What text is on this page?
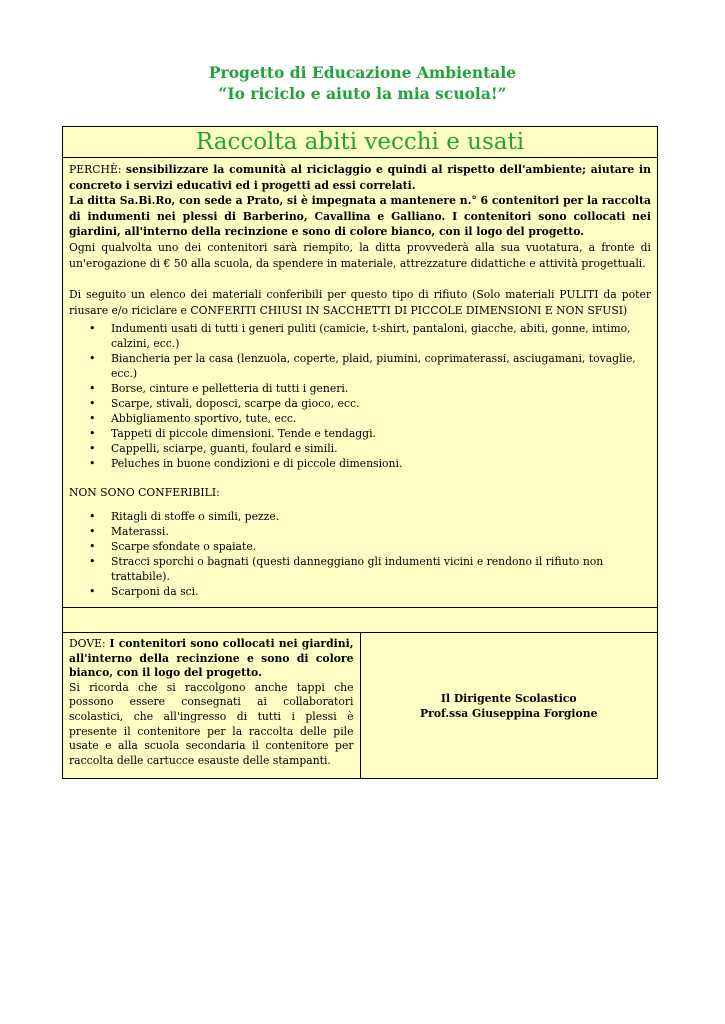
Progetto di Educazione Ambientale
“Io riciclo e aiuto la mia scuola!”
Raccolta abiti vecchi e usati

PERCHÈ: sensibilizzare la comunità al riciclaggio e quindi al rispetto dell'ambiente; aiutare in concreto i servizi educativi ed i progetti ad essi correlati.

La ditta Sa.Bi.Ro, con sede a Prato, si è impegnata a mantenere n.° 6 contenitori per la raccolta di indumenti nei plessi di Barberino, Cavallina e Galliano. I contenitori sono collocati nei giardini, all'interno della recinzione e sono di colore bianco, con il logo del progetto.

Ogni qualvolta uno dei contenitori sarà riempito, la ditta provvederà alla sua vuotatura, a fronte di un'erogazione di € 50 alla scuola, da spendere in materiale, attrezzature didattiche e attività progettuali.

Di seguito un elenco dei materiali conferibili per questo tipo di rifiuto (Solo materiali PULITI da poter riusare e/o riciclare e CONFERITI CHIUSI IN SACCHETTI DI PICCOLE DIMENSIONI E NON SFUSI)

• Indumenti usati di tutti i generi puliti (camicie, t-shirt, pantaloni, giacche, abiti, gonne, intimo, calzini, ecc.)
• Biancheria per la casa (lenzuola, coperte, plaid, piumini, coprimaterassi, asciugamani, tovaglie, ecc.)
• Borse, cinture e pelletteria di tutti i generi.
• Scarpe, stivali, doposci, scarpe da gioco, ecc.
• Abbigliamento sportivo, tute, ecc.
• Tappeti di piccole dimensioni. Tende e tendaggi.
• Cappelli, sciarpe, guanti, foulard e simili.
• Peluches in buone condizioni e di piccole dimensioni.

NON SONO CONFERIBILI:

• Ritagli di stoffe o simili, pezze.
• Materassi.
• Scarpe sfondate o spaiate.
• Stracci sporchi o bagnati (questi danneggiano gli indumenti vicini e rendono il rifiuto non trattabile).
• Scarponi da sci.

DOVE: I contenitori sono collocati nei giardini, all'interno della recinzione e sono di colore bianco, con il logo del progetto.

Si ricorda che si raccolgono anche tappi che possono essere consegnati ai collaboratori scolastici, che all'ingresso di tutti i plessi è presente il contenitore per la raccolta delle pile usate e alla scuola secondaria il contenitore per raccolta delle cartucce esauste delle stampanti.

Il Dirigente Scolastico
Prof.ssa Giuseppina Forgione
